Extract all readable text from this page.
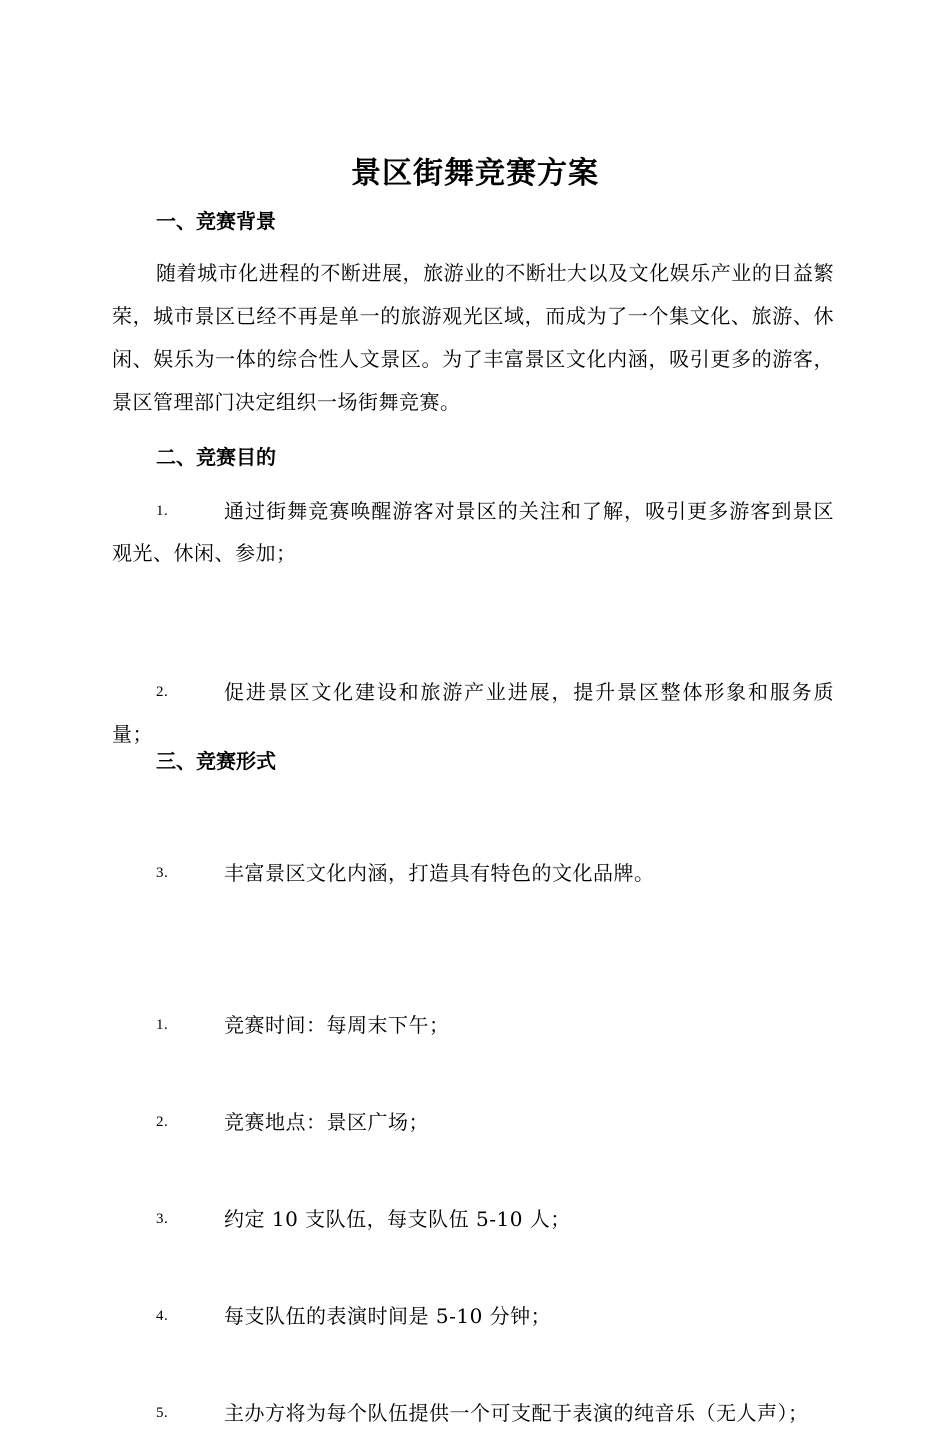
景区街舞竞赛方案
一、竞赛背景
随着城市化进程的不断进展，旅游业的不断壮大以及文化娱乐产业的日益繁荣，城市景区已经不再是单一的旅游观光区域，而成为了一个集文化、旅游、休闲、娱乐为一体的综合性人文景区。为了丰富景区文化内涵，吸引更多的游客，景区管理部门决定组织一场街舞竞赛。
二、竞赛目的
1.	通过街舞竞赛唤醒游客对景区的关注和了解，吸引更多游客到景区观光、休闲、参加；
2.	促进景区文化建设和旅游产业进展，提升景区整体形象和服务质量；
3.	丰富景区文化内涵，打造具有特色的文化品牌。
三、竞赛形式
1.	竞赛时间：每周末下午；
2.	竞赛地点：景区广场；
3.	约定 10 支队伍，每支队伍 5-10 人；
4.	每支队伍的表演时间是 5-10 分钟；
5.	主办方将为每个队伍提供一个可支配于表演的纯音乐（无人声）；
